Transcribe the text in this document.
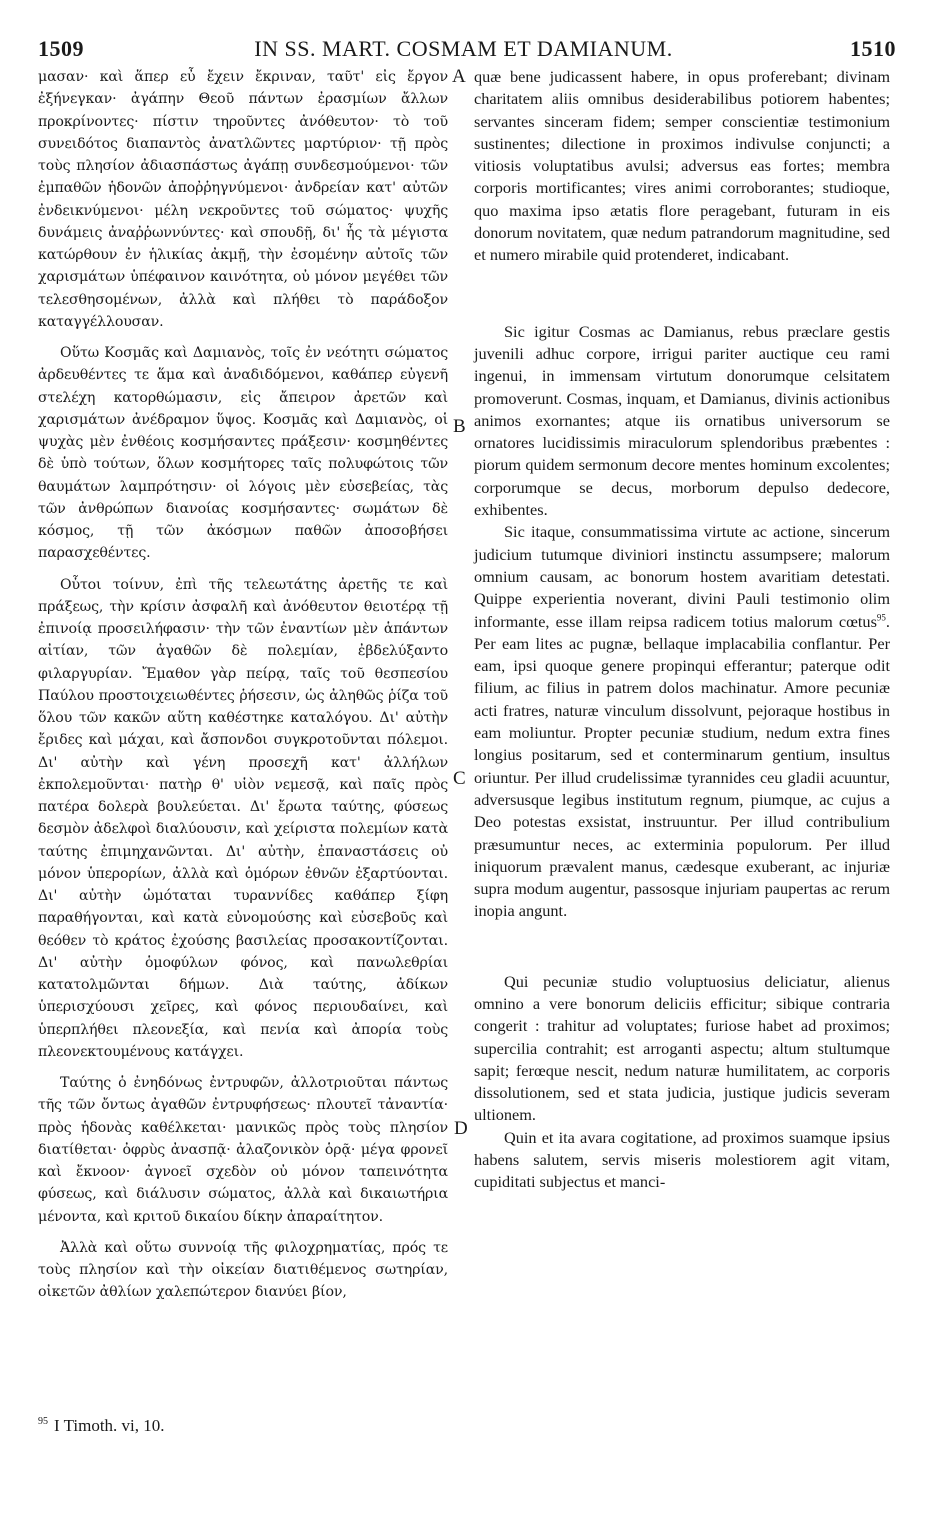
1509	IN SS. MART. COSMAM ET DAMIANUM.	1510

μασαν· καὶ ἅπερ εὖ ἔχειν ἔκριναν, ταῦτ' εἰς ἔργον ἐξήνεγκαν· ἀγάπην Θεοῦ πάντων ἐρασμίων ἄλλων προκρίνοντες· πίστιν τηροῦντες ἀνόθευτον· τὸ τοῦ συνειδότος διαπαντὸς ἀνατλῶντες μαρτύριον· τῇ πρὸς τοὺς πλησίον ἀδιασπάστως ἀγάπῃ συνδεσμούμενοι· τῶν ἐμπαθῶν ἡδονῶν ἀποῤῥηγνύμενοι· ἀνδρείαν κατ' αὐτῶν ἐνδεικνύμενοι· μέλη νεκροῦντες τοῦ σώματος· ψυχῆς δυνάμεις ἀναῤῥωννύντες· καὶ σπουδῇ, δι' ἧς τὰ μέγιστα κατώρθουν ἐν ἡλικίας ἀκμῇ, τὴν ἐσομένην αὐτοῖς τῶν χαρισμάτων ὑπέφαινον καινότητα, οὐ μόνον μεγέθει τῶν τελεσθησομένων, ἀλλὰ καὶ πλήθει τὸ παράδοξον καταγγέλλουσαν.

Οὕτω Κοσμᾶς καὶ Δαμιανὸς, τοῖς ἐν νεότητι σώματος ἀρδευθέντες τε ἅμα καὶ ἀναδιδόμενοι, καθάπερ εὐγενῆ στελέχη κατορθώμασιν, εἰς ἄπειρον ἀρετῶν καὶ χαρισμάτων ἀνέδραμον ὕψος. Κοσμᾶς καὶ Δαμιανὸς, οἱ ψυχὰς μὲν ἐνθέοις κοσμήσαντες πράξεσιν· κοσμηθέντες δὲ ὑπὸ τούτων, ὅλων κοσμήτορες ταῖς πολυφώτοις τῶν θαυμάτων λαμπρότησιν· οἱ λόγοις μὲν εὐσεβείας, τὰς τῶν ἀνθρώπων διανοίας κοσμήσαντες· σωμάτων δὲ κόσμος, τῇ τῶν ἀκόσμων παθῶν ἀποσοβήσει παρασχεθέντες.

Οὗτοι τοίνυν, ἐπὶ τῆς τελεωτάτης ἀρετῆς τε καὶ πράξεως, τὴν κρίσιν ἀσφαλῆ καὶ ἀνόθευτον θειοτέρᾳ τῇ ἐπινοίᾳ προσειλήφασιν· τὴν τῶν ἐναντίων μὲν ἁπάντων αἰτίαν, τῶν ἀγαθῶν δὲ πολεμίαν, ἐβδελύξαντο φιλαργυρίαν. Ἔμαθον γὰρ πείρᾳ, ταῖς τοῦ θεσπεσίου Παύλου προστοιχειωθέντες ῥήσεσιν, ὡς ἀληθῶς ῥίζα τοῦ ὅλου τῶν κακῶν αὕτη καθέστηκε καταλόγου. Δι' αὐτὴν ἔριδες καὶ μάχαι, καὶ ἄσπονδοι συγκροτοῦνται πόλεμοι. Δι' αὐτὴν καὶ γένη προσεχῆ κατ' ἀλλήλων ἐκπολεμοῦνται· πατὴρ θ' υἱὸν νεμεσᾷ, καὶ παῖς πρὸς πατέρα δολερὰ βουλεύεται. Δι' ἔρωτα ταύτης, φύσεως δεσμὸν ἀδελφοὶ διαλύουσιν, καὶ χείριστα πολεμίων κατὰ ταύτης ἐπιμηχανῶνται. Δι' αὐτὴν, ἐπαναστάσεις οὐ μόνον ὑπερορίων, ἀλλὰ καὶ ὁμόρων ἐθνῶν ἐξαρτύονται. Δι' αὐτὴν ὠμόταται τυραννίδες καθάπερ ξίφη παραθήγονται, καὶ κατὰ εὐνομούσης καὶ εὐσεβοῦς καὶ θεόθεν τὸ κράτος ἐχούσης βασιλείας προσακοντίζονται. Δι' αὐτὴν ὁμοφύλων φόνος, καὶ πανωλεθρίαι κατατολμῶνται δήμων. Διὰ ταύτης, ἀδίκων ὑπερισχύουσι χεῖρες, καὶ φόνος περιουδαίνει, καὶ ὑπερπλήθει πλεονεξία, καὶ πενία καὶ ἀπορία τοὺς πλεονεκτουμένους κατάγχει.

Ταύτης ὁ ἐνηδόνως ἐντρυφῶν, ἀλλοτριοῦται πάντως τῆς τῶν ὄντως ἀγαθῶν ἐντρυφήσεως· πλουτεῖ τἀναντία· πρὸς ἡδονὰς καθέλκεται· μανικῶς πρὸς τοὺς πλησίον διατίθεται· ὀφρὺς ἀνασπᾷ· ἀλαζονικὸν ὁρᾷ· μέγα φρονεῖ καὶ ἔκνοον· ἀγνοεῖ σχεδὸν οὐ μόνον ταπεινότητα φύσεως, καὶ διάλυσιν σώματος, ἀλλὰ καὶ δικαιωτήρια μένοντα, καὶ κριτοῦ δικαίου δίκην ἀπαραίτητον.

Ἀλλὰ καὶ οὕτω συννοίᾳ τῆς φιλοχρηματίας, πρός τε τοὺς πλησίον καὶ τὴν οἰκείαν διατιθέμενος σωτηρίαν, οἰκετῶν ἀθλίων χαλεπώτερον διανύει βίον,

A
B
C
D

quæ bene judicassent habere, in opus proferebant; divinam charitatem aliis omnibus desiderabilibus potiorem habentes; servantes sinceram fidem; semper conscientiæ testimonium sustinentes; dilectione in proximos indivulse conjuncti; a vitiosis voluptatibus avulsi; adversus eas fortes; membra corporis mortificantes; vires animi corroborantes; studioque, quo maxima ipso ætatis flore peragebant, futuram in eis donorum novitatem, quæ nedum patrandorum magnitudine, sed et numero mirabile quid protenderet, indicabant.

Sic igitur Cosmas ac Damianus, rebus præclare gestis juvenili adhuc corpore, irrigui pariter auctique ceu rami ingenui, in immensam virtutum donorumque celsitatem promoverunt. Cosmas, inquam, et Damianus, divinis actionibus animos exornantes; atque iis ornatibus universorum se ornatores lucidissimis miraculorum splendoribus præbentes : piorum quidem sermonum decore mentes hominum excolentes; corporumque se decus, morborum depulso dedecore, exhibentes.

Sic itaque, consummatissima virtute ac actione, sincerum judicium tutumque diviniori instinctu assumpsere; malorum omnium causam, ac bonorum hostem avaritiam detestati. Quippe experientia noverant, divini Pauli testimonio olim informante, esse illam reipsa radicem totius malorum cœtus$^{95}$. Per eam lites ac pugnæ, bellaque implacabilia conflantur. Per eam, ipsi quoque genere propinqui efferantur; paterque odit filium, ac filius in patrem dolos machinatur. Amore pecuniæ acti fratres, naturæ vinculum dissolvunt, pejoraque hostibus in eam moliuntur. Propter pecuniæ studium, nedum extra fines longius positarum, sed et conterminarum gentium, insultus oriuntur. Per illud crudelissimæ tyrannides ceu gladii acuuntur, adversusque legibus institutum regnum, piumque, ac cujus a Deo potestas exsistat, instruuntur. Per illud contribulium præsumuntur neces, ac exterminia populorum. Per illud iniquorum prævalent manus, cædesque exuberant, ac injuriæ supra modum augentur, passosque injuriam paupertas ac rerum inopia angunt.

Qui pecuniæ studio voluptuosius deliciatur, alienus omnino a vere bonorum deliciis efficitur; sibique contraria congerit : trahitur ad voluptates; furiose habet ad proximos; supercilia contrahit; est arroganti aspectu; altum stultumque sapit; ferœque nescit, nedum naturæ humilitatem, ac corporis dissolutionem, sed et stata judicia, justique judicis severam ultionem.

Quin et ita avara cogitatione, ad proximos suamque ipsius habens salutem, servis miseris molestiorem agit vitam, cupiditati subjectus et manci-

$^{95}$ I Timoth. vi, 10.
